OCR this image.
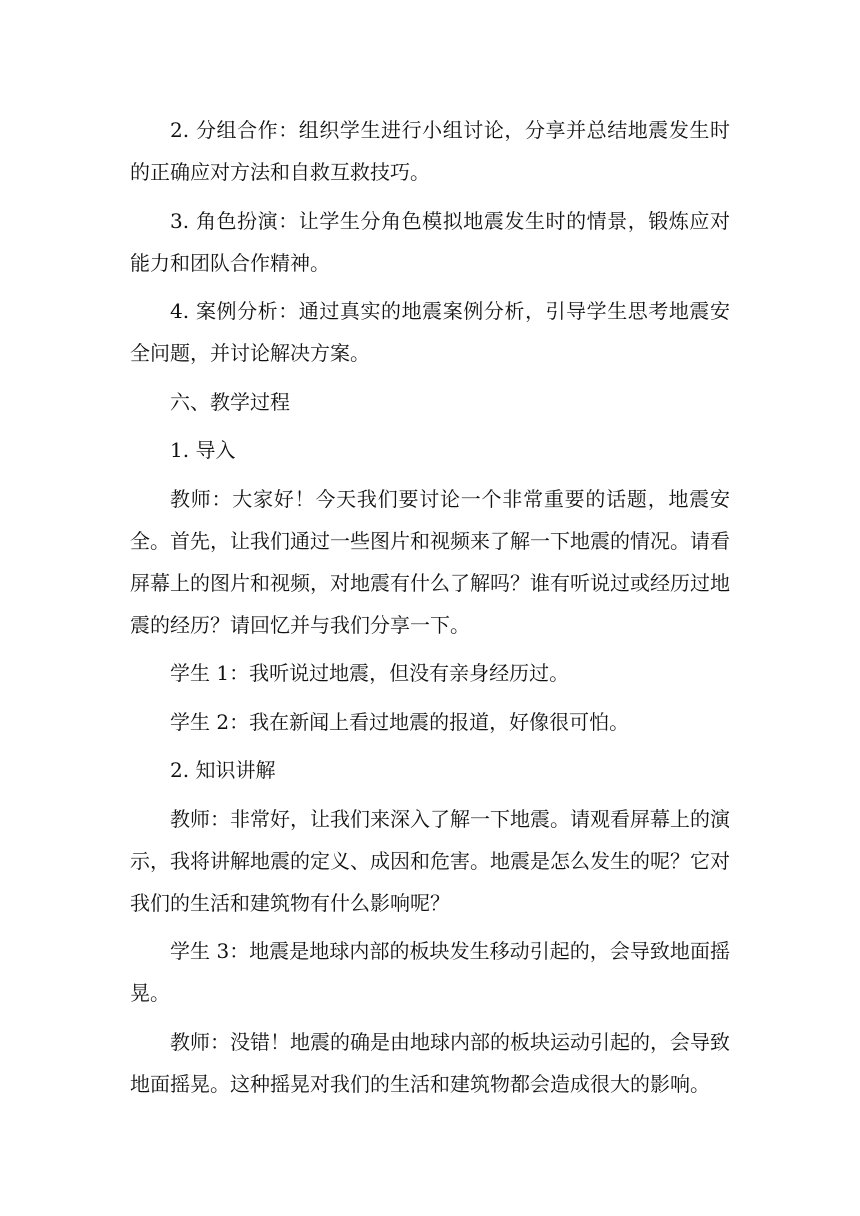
2. 分组合作：组织学生进行小组讨论，分享并总结地震发生时的正确应对方法和自救互救技巧。

3. 角色扮演：让学生分角色模拟地震发生时的情景，锻炼应对能力和团队合作精神。

4. 案例分析：通过真实的地震案例分析，引导学生思考地震安全问题，并讨论解决方案。

六、教学过程

1. 导入

教师：大家好！今天我们要讨论一个非常重要的话题，地震安全。首先，让我们通过一些图片和视频来了解一下地震的情况。请看屏幕上的图片和视频，对地震有什么了解吗？谁有听说过或经历过地震的经历？请回忆并与我们分享一下。

学生 1：我听说过地震，但没有亲身经历过。

学生 2：我在新闻上看过地震的报道，好像很可怕。

2. 知识讲解

教师：非常好，让我们来深入了解一下地震。请观看屏幕上的演示，我将讲解地震的定义、成因和危害。地震是怎么发生的呢？它对我们的生活和建筑物有什么影响呢？

学生 3：地震是地球内部的板块发生移动引起的，会导致地面摇晃。

教师：没错！地震的确是由地球内部的板块运动引起的，会导致地面摇晃。这种摇晃对我们的生活和建筑物都会造成很大的影响。
